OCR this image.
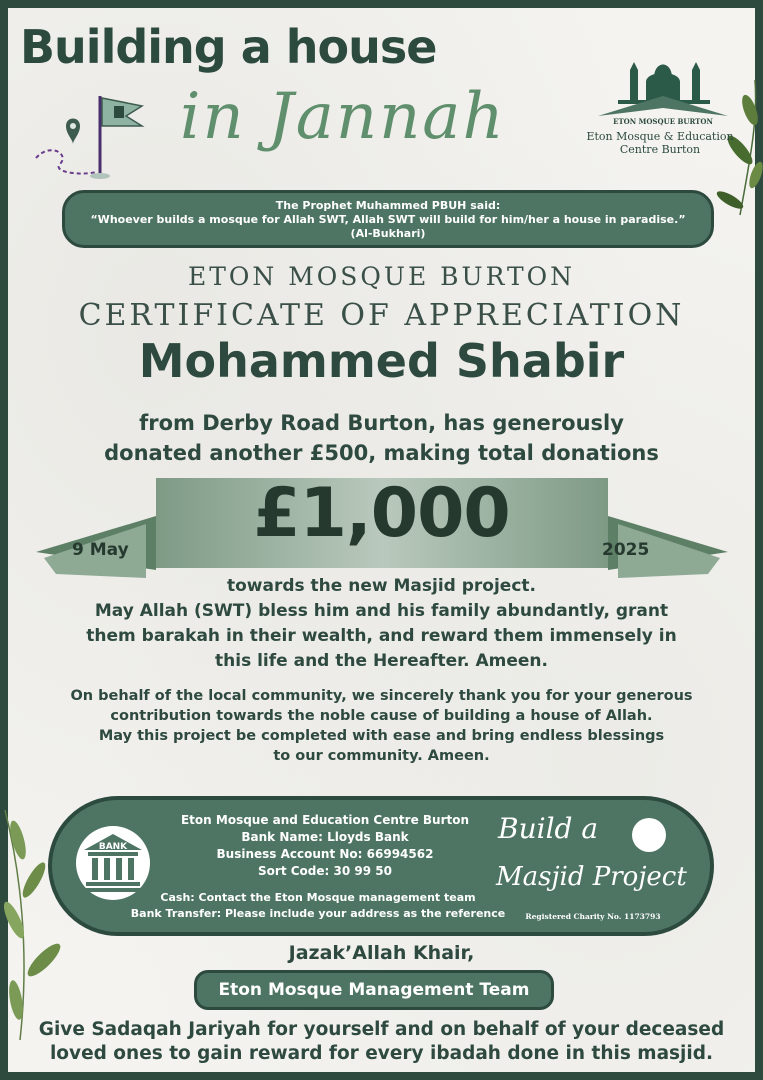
Building a house
in Jannah	ETON MOSQUE BURTON
Eton Mosque & Education
Centre Burton
The Prophet Muhammed PBUH said:
“Whoever builds a mosque for Allah SWT, Allah SWT will build for him/her a house in paradise.”
(Al-Bukhari)
ETON MOSQUE BURTON
CERTIFICATE OF APPRECIATION
Mohammed Shabir
from Derby Road Burton, has generously
donated another £500, making total donations
£1,000
9 May	2025
towards the new Masjid project.
May Allah (SWT) bless him and his family abundantly, grant
them barakah in their wealth, and reward them immensely in
this life and the Hereafter. Ameen.
On behalf of the local community, we sincerely thank you for your generous
contribution towards the noble cause of building a house of Allah.
May this project be completed with ease and bring endless blessings
to our community. Ameen.
BANK
Eton Mosque and Education Centre Burton
Bank Name: Lloyds Bank
Business Account No: 66994562
Sort Code: 30 99 50
Cash: Contact the Eton Mosque management team
Bank Transfer: Please include your address as the reference
Build a
Masjid Project
Registered Charity No. 1173793
Jazak’Allah Khair,
Eton Mosque Management Team
Give Sadaqah Jariyah for yourself and on behalf of your deceased
loved ones to gain reward for every ibadah done in this masjid.
